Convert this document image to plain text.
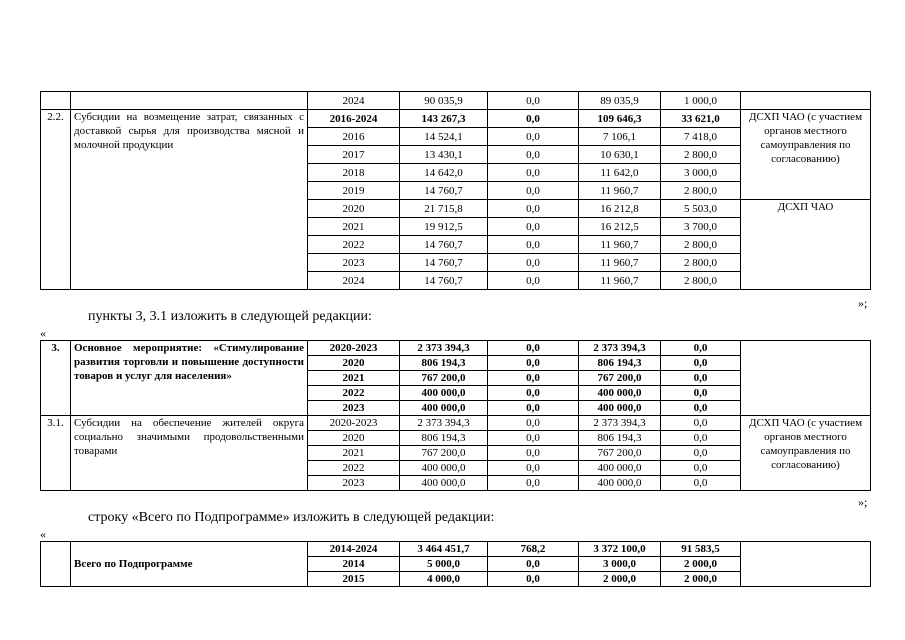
		2024	90 035,9	0,0	89 035,9	1 000,0	
2.2.	Субсидии на возмещение затрат, связанных с доставкой сырья для производства мясной и молочной продукции	2016-2024	143 267,3	0,0	109 646,3	33 621,0	ДСХП ЧАО (с участием органов местного самоуправления по согласованию)
		2016	14 524,1	0,0	7 106,1	7 418,0	
		2017	13 430,1	0,0	10 630,1	2 800,0	
		2018	14 642,0	0,0	11 642,0	3 000,0	
		2019	14 760,7	0,0	11 960,7	2 800,0	
		2020	21 715,8	0,0	16 212,8	5 503,0	ДСХП ЧАО
		2021	19 912,5	0,0	16 212,5	3 700,0	
		2022	14 760,7	0,0	11 960,7	2 800,0	
		2023	14 760,7	0,0	11 960,7	2 800,0	
		2024	14 760,7	0,0	11 960,7	2 800,0	
»;
пункты 3, 3.1 изложить в следующей редакции:
«
3.	Основное мероприятие: «Стимулирование развития торговли и повышение доступности товаров и услуг для населения»	2020-2023	2 373 394,3	0,0	2 373 394,3	0,0	
		2020	806 194,3	0,0	806 194,3	0,0	
		2021	767 200,0	0,0	767 200,0	0,0	
		2022	400 000,0	0,0	400 000,0	0,0	
		2023	400 000,0	0,0	400 000,0	0,0	
3.1.	Субсидии на обеспечение жителей округа социально значимыми продовольственными товарами	2020-2023	2 373 394,3	0,0	2 373 394,3	0,0	ДСХП ЧАО (с участием органов местного самоуправления по согласованию)
		2020	806 194,3	0,0	806 194,3	0,0	
		2021	767 200,0	0,0	767 200,0	0,0	
		2022	400 000,0	0,0	400 000,0	0,0	
		2023	400 000,0	0,0	400 000,0	0,0	
»;
строку «Всего по Подпрограмме» изложить в следующей редакции:
«
	Всего по Подпрограмме	2014-2024	3 464 451,7	768,2	3 372 100,0	91 583,5	
		2014	5 000,0	0,0	3 000,0	2 000,0	
		2015	4 000,0	0,0	2 000,0	2 000,0	
